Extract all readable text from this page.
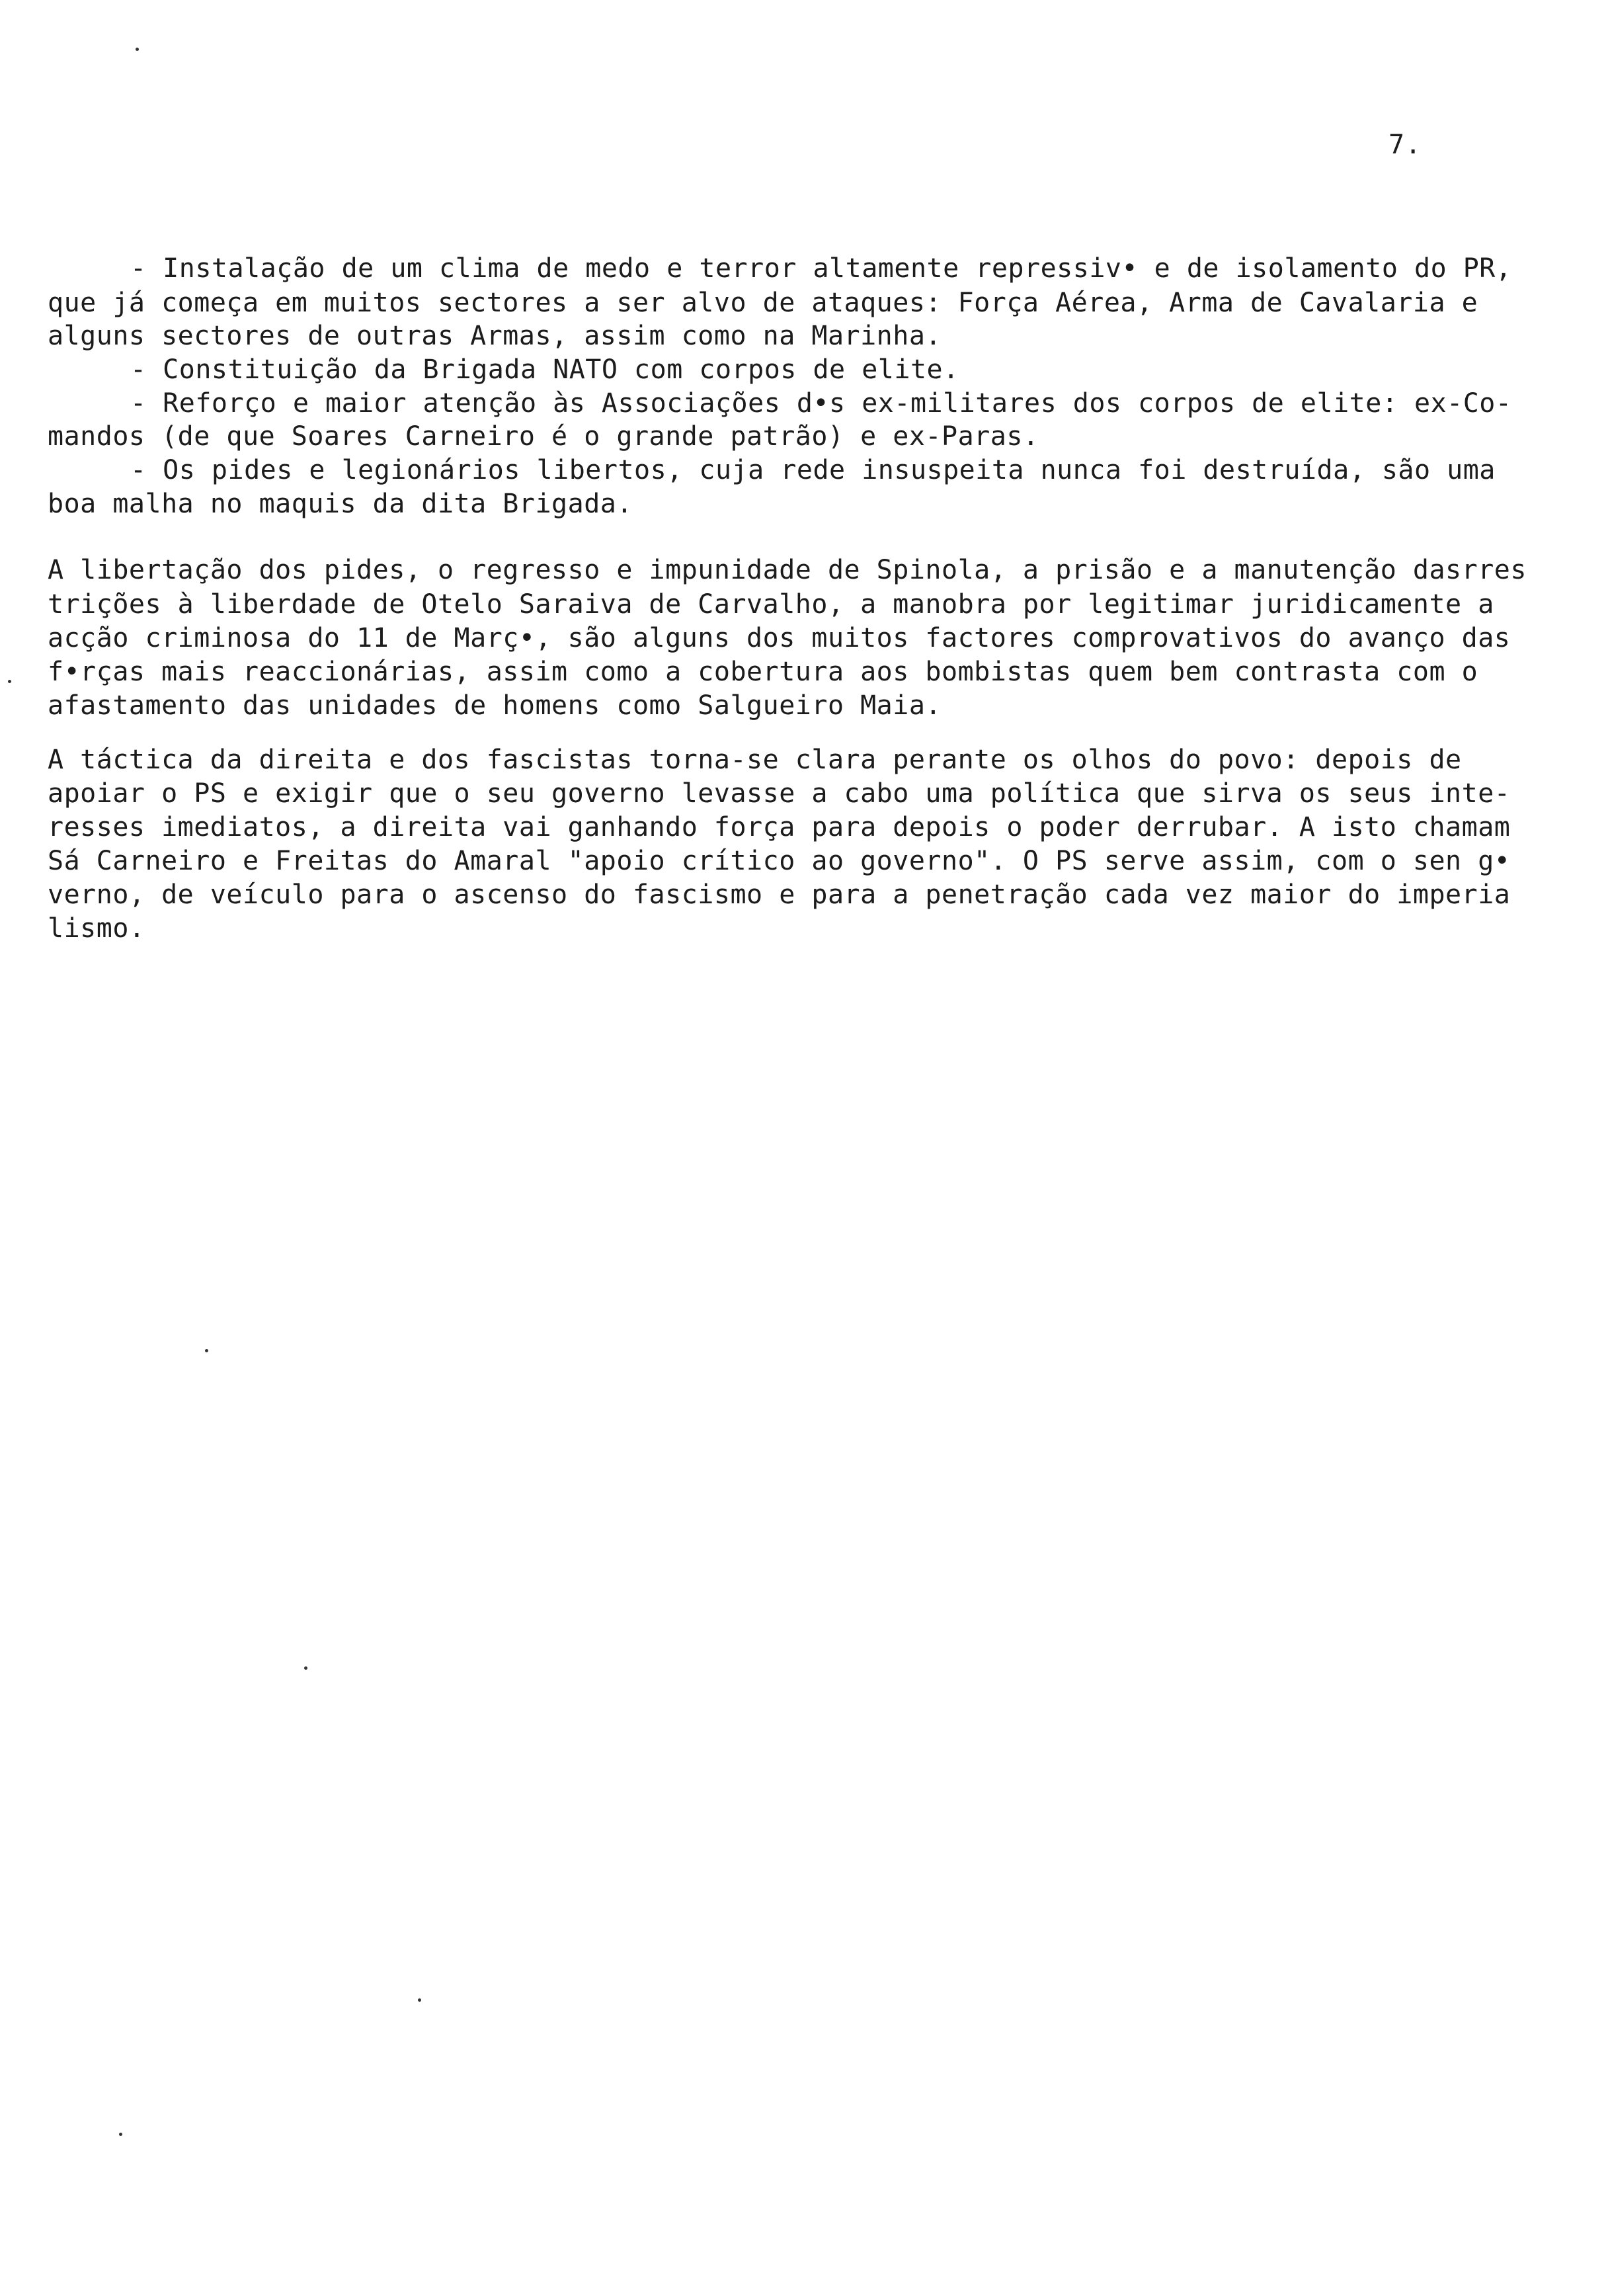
7.
- Instalação de um clima de medo e terror altamente repressiv• e de isolamento do PR,
que já começa em muitos sectores a ser alvo de ataques: Força Aérea, Arma de Cavalaria e
alguns sectores de outras Armas, assim como na Marinha.
- Constituição da Brigada NATO com corpos de elite.
- Reforço e maior atenção às Associações d•s ex-militares dos corpos de elite: ex-Co-
mandos (de que Soares Carneiro é o grande patrão) e ex-Paras.
- Os pides e legionários libertos, cuja rede insuspeita nunca foi destruída, são uma
boa malha no maquis da dita Brigada.
A libertação dos pides, o regresso e impunidade de Spinola, a prisão e a manutenção dasrres
trições à liberdade de Otelo Saraiva de Carvalho, a manobra por legitimar juridicamente a
acção criminosa do 11 de Març•, são alguns dos muitos factores comprovativos do avanço das
f•rças mais reaccionárias, assim como a cobertura aos bombistas quem bem contrasta com o
afastamento das unidades de homens como Salgueiro Maia.
A táctica da direita e dos fascistas torna-se clara perante os olhos do povo: depois de
apoiar o PS e exigir que o seu governo levasse a cabo uma política que sirva os seus inte-
resses imediatos, a direita vai ganhando força para depois o poder derrubar. A isto chamam
Sá Carneiro e Freitas do Amaral "apoio crítico ao governo". O PS serve assim, com o sen g•
verno, de veículo para o ascenso do fascismo e para a penetração cada vez maior do imperia
lismo.
